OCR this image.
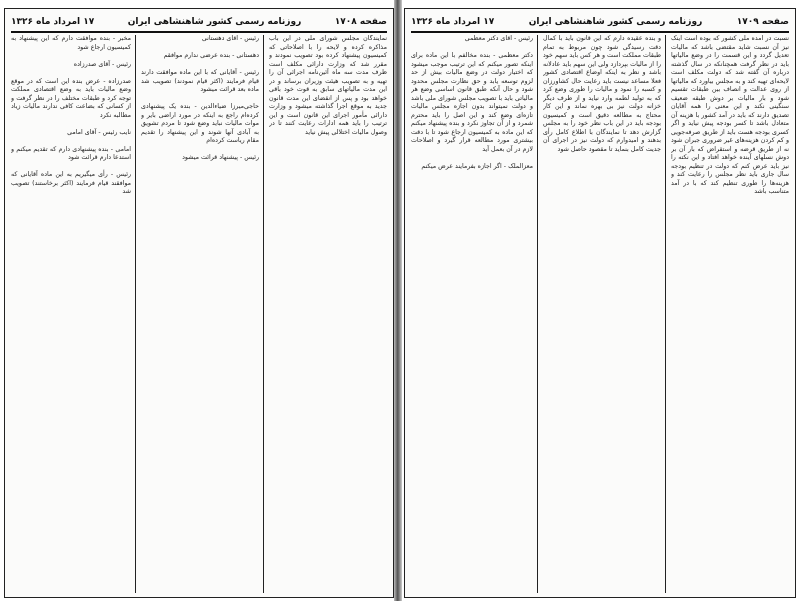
صفحه ۱۷۰۸
روزنامه رسمی کشور شاهنشاهی ایران
۱۷ امرداد ماه ۱۳۲۶
نمایندگان مجلس شورای ملی در این باب مذاکره کرده و لایحه را با اصلاحاتی که کمیسیون پیشنهاد کرده بود تصویب نمودند و مقرر شد که وزارت دارائی مکلف است ظرف مدت سه ماه آئین‌نامه اجرائی آن را تهیه و به تصویب هیئت وزیران برساند و در این مدت مالیاتهای سابق به قوت خود باقی خواهد بود و پس از انقضای این مدت قانون جدید به موقع اجرا گذاشته میشود و وزارت دارائی مأمور اجرای این قانون است و این ترتیب را باید همه ادارات رعایت کنند تا در وصول مالیات اختلالی پیش نیاید
رئیس - آقای دهستانی

دهستانی - بنده عرضی ندارم موافقم

رئیس - آقایانی که با این ماده موافقت دارند قیام فرمایند (اکثر قیام نمودند) تصویب شد ماده بعد قرائت میشود

حاجی‌میرزا ضیاءالدین - بنده یک پیشنهادی کرده‌ام راجع به اینکه در مورد اراضی بایر و موات مالیات نباید وضع شود تا مردم تشویق به آبادی آنها شوند و این پیشنهاد را تقدیم مقام ریاست کرده‌ام

رئیس - پیشنهاد قرائت میشود
مخبر - بنده موافقت دارم که این پیشنهاد به کمیسیون ارجاع شود

رئیس - آقای صدرزاده

صدرزاده - عرض بنده این است که در موقع وضع مالیات باید به وضع اقتصادی مملکت توجه کرد و طبقات مختلف را در نظر گرفت و از کسانی که بضاعت کافی ندارند مالیات زیاد مطالبه نکرد

نایب رئیس - آقای امامی

امامی - بنده پیشنهادی دارم که تقدیم میکنم و استدعا دارم قرائت شود

رئیس - رأی میگیریم به این ماده آقایانی که موافقند قیام فرمایند (اکثر برخاستند) تصویب شد
صفحه ۱۷۰۹
روزنامه رسمی کشور شاهنشاهی ایران
۱۷ امرداد ماه ۱۳۲۶
نسبت در آمده ملی کشور که بوده است اینک نیز آن نسبت شاید مقتضی باشد که مالیات تعدیل گردد و این قسمت را در وضع مالیاتها باید در نظر گرفت همچنانکه در سال گذشته درباره آن گفته شد که دولت مکلف است لایحه‌ای تهیه کند و به مجلس بیاورد که مالیاتها از روی عدالت و انصاف بین طبقات تقسیم شود و بار مالیات بر دوش طبقه ضعیف سنگینی نکند و این معنی را همه آقایان تصدیق دارند که باید در آمد کشور با هزینه آن متعادل باشد تا کسر بودجه پیش نیاید و اگر کسری بودجه هست باید از طریق صرفه‌جویی و کم کردن هزینه‌های غیر ضروری جبران شود نه از طریق قرضه و استقراض که بار آن بر دوش نسلهای آینده خواهد افتاد و این نکته را نیز باید عرض کنم که دولت در تنظیم بودجه سال جاری باید نظر مجلس را رعایت کند و هزینه‌ها را طوری تنظیم کند که با در آمد متناسب باشد
و بنده عقیده دارم که این قانون باید با کمال دقت رسیدگی شود چون مربوط به تمام طبقات مملکت است و هر کس باید سهم خود را از مالیات بپردازد ولی این سهم باید عادلانه باشد و نظر به اینکه اوضاع اقتصادی کشور فعلا مساعد نیست باید رعایت حال کشاورزان و کسبه را نمود و مالیات را طوری وضع کرد که به تولید لطمه وارد نیاید و از طرف دیگر خزانه دولت نیز بی بهره نماند و این کار محتاج به مطالعه دقیق است و کمیسیون بودجه باید در این باب نظر خود را به مجلس گزارش دهد تا نمایندگان با اطلاع کامل رأی بدهند و امیدوارم که دولت نیز در اجرای آن جدیت کامل بنماید تا مقصود حاصل شود
رئیس - آقای دکتر معظمی

دکتر معظمی - بنده مخالفم با این ماده برای اینکه تصور میکنم که این ترتیب موجب میشود که اختیار دولت در وضع مالیات بیش از حد لزوم توسعه یابد و حق نظارت مجلس محدود شود و حال آنکه طبق قانون اساسی وضع هر مالیاتی باید با تصویب مجلس شورای ملی باشد و دولت نمیتواند بدون اجازه مجلس مالیات تازه‌ای وضع کند و این اصل را باید محترم شمرد و از آن تجاوز نکرد و بنده پیشنهاد میکنم که این ماده به کمیسیون ارجاع شود تا با دقت بیشتری مورد مطالعه قرار گیرد و اصلاحات لازم در آن بعمل آید

معزالملک - اگر اجازه بفرمایند عرض میکنم
